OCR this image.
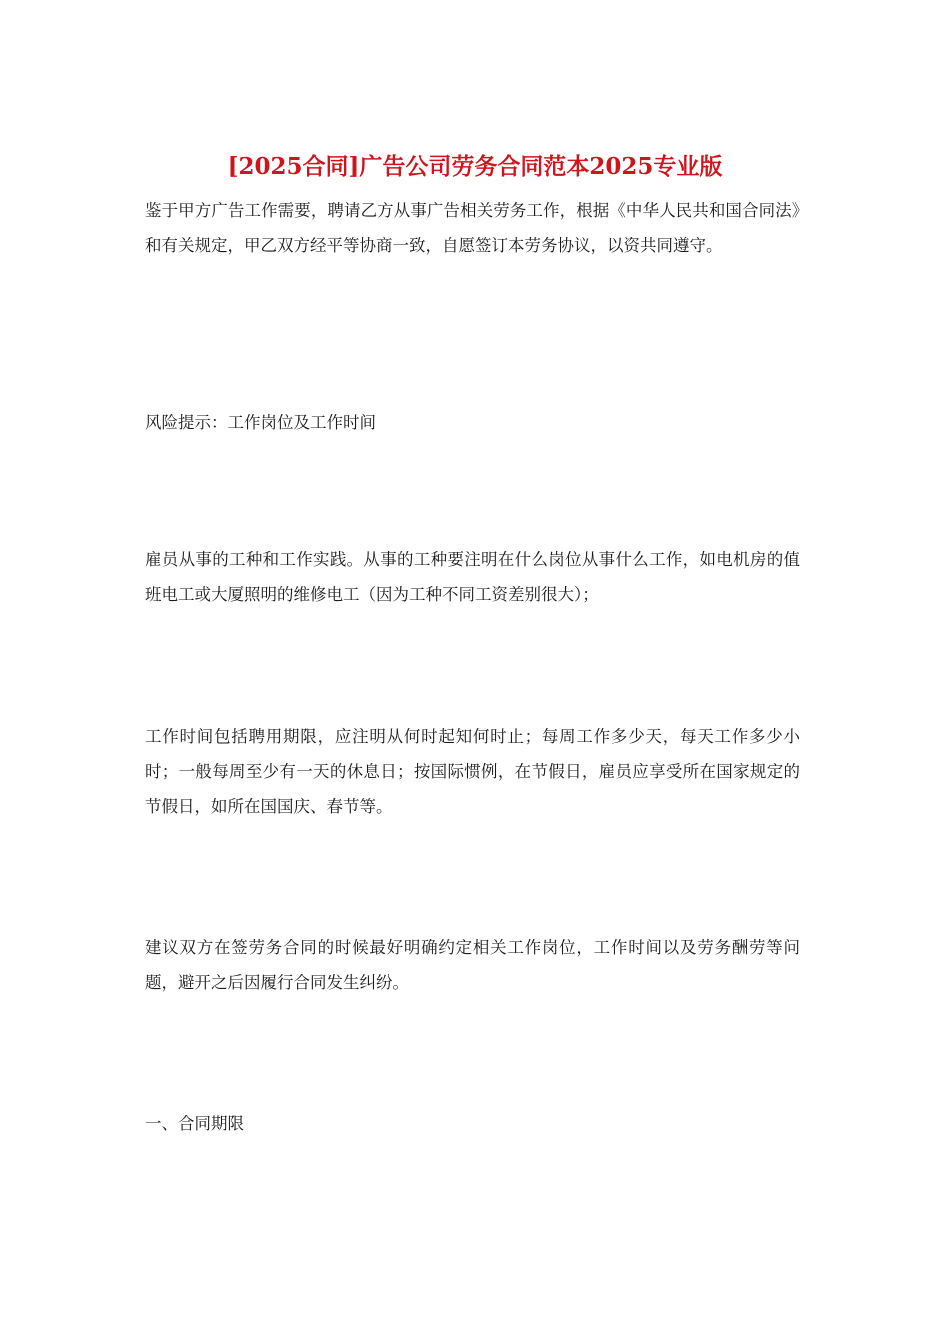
[2025合同]广告公司劳务合同范本2025专业版

鉴于甲方广告工作需要，聘请乙方从事广告相关劳务工作，根据《中华人民共和国合同法》和有关规定，甲乙双方经平等协商一致，自愿签订本劳务协议，以资共同遵守。

风险提示：工作岗位及工作时间

雇员从事的工种和工作实践。从事的工种要注明在什么岗位从事什么工作，如电机房的值班电工或大厦照明的维修电工（因为工种不同工资差别很大）；

工作时间包括聘用期限，应注明从何时起知何时止；每周工作多少天，每天工作多少小时；一般每周至少有一天的休息日；按国际惯例，在节假日，雇员应享受所在国家规定的节假日，如所在国国庆、春节等。

建议双方在签劳务合同的时候最好明确约定相关工作岗位，工作时间以及劳务酬劳等问题，避开之后因履行合同发生纠纷。

一、合同期限
